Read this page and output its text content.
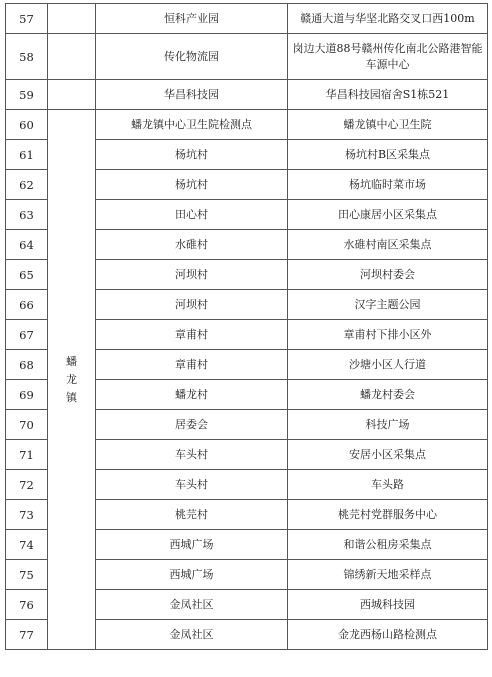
57		恒科产业园	赣通大道与华坚北路交叉口西100m
58		传化物流园	岗边大道88号赣州传化南北公路港智能车源中心
59		华昌科技园	华昌科技园宿舍S1栋521
60	蟠龙镇	蟠龙镇中心卫生院检测点	蟠龙镇中心卫生院
61		杨坑村	杨坑村B区采集点
62		杨坑村	杨坑临时菜市场
63		田心村	田心康居小区采集点
64		水碓村	水碓村南区采集点
65		河坝村	河坝村委会
66		河坝村	汉字主题公园
67		章甫村	章甫村下排小区外
68		章甫村	沙塘小区人行道
69		蟠龙村	蟠龙村委会
70		居委会	科技广场
71		车头村	安居小区采集点
72		车头村	车头路
73		桃芫村	桃芫村党群服务中心
74		西城广场	和谐公租房采集点
75		西城广场	锦绣新天地采样点
76		金凤社区	西城科技园
77		金凤社区	金龙西杨山路检测点
